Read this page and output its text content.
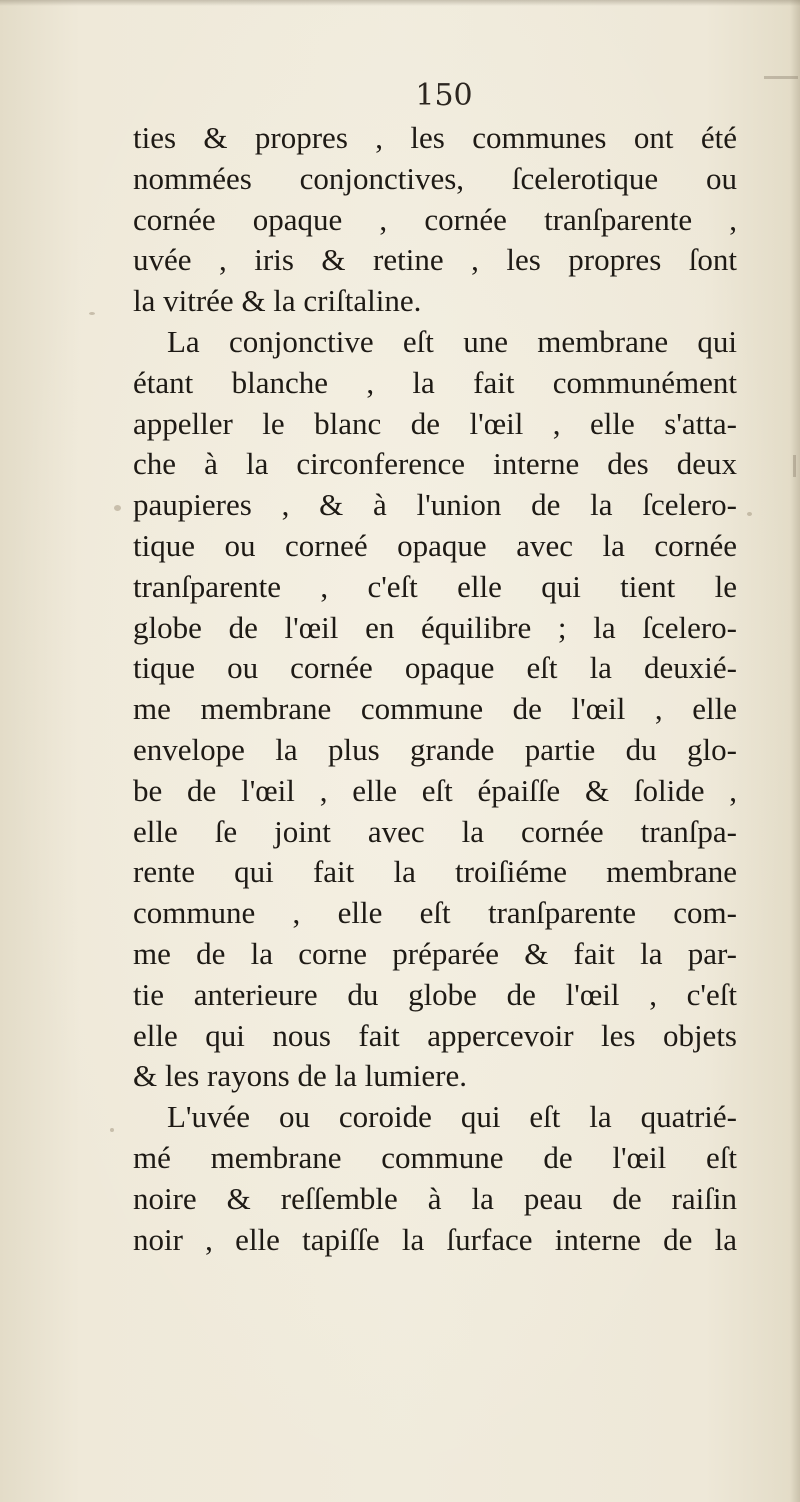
150
ties & propres , les communes ont été
nommées conjonctives, ſcelerotique ou
cornée opaque , cornée tranſparente ,
uvée , iris & retine , les propres ſont
la vitrée & la criſtaline.
La conjonctive eſt une membrane qui
étant blanche , la fait communément
appeller le blanc de l'œil , elle s'atta-
che à la circonference interne des deux
paupieres , & à l'union de la ſcelero-
tique ou corneé opaque avec la cornée
tranſparente , c'eſt elle qui tient le
globe de l'œil en équilibre ; la ſcelero-
tique ou cornée opaque eſt la deuxié-
me membrane commune de l'œil , elle
envelope la plus grande partie du glo-
be de l'œil , elle eſt épaiſſe & ſolide ,
elle ſe joint avec la cornée tranſpa-
rente qui fait la troiſiéme membrane
commune , elle eſt tranſparente com-
me de la corne préparée & fait la par-
tie anterieure du globe de l'œil , c'eſt
elle qui nous fait appercevoir les objets
& les rayons de la lumiere.
L'uvée ou coroide qui eſt la quatrié-
mé membrane commune de l'œil eſt
noire & reſſemble à la peau de raiſin
noir , elle tapiſſe la ſurface interne de la
